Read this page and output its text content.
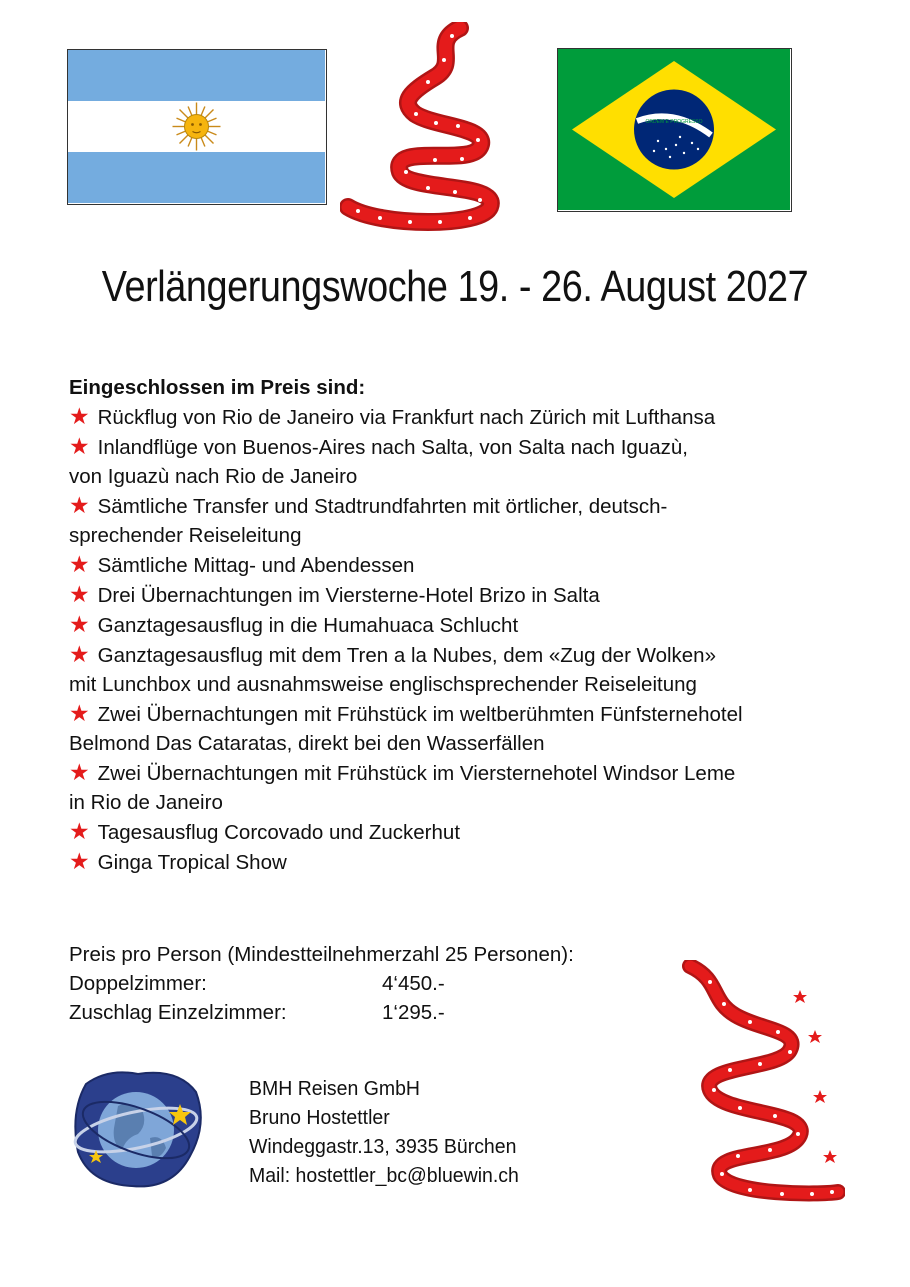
ORDEM E PROGRESSO
Verlängerungswoche 19. - 26. August 2027
Eingeschlossen im Preis sind:
★ Rückflug von Rio de Janeiro via Frankfurt nach Zürich mit Lufthansa
★ Inlandflüge von Buenos-Aires nach Salta, von Salta nach Iguazù,
von Iguazù nach Rio de Janeiro
★ Sämtliche Transfer und Stadtrundfahrten mit örtlicher, deutsch-
sprechender Reiseleitung
★ Sämtliche Mittag- und Abendessen
★ Drei Übernachtungen im Viersterne-Hotel Brizo in Salta
★ Ganztagesausflug in die Humahuaca Schlucht
★ Ganztagesausflug mit dem Tren a la Nubes, dem «Zug der Wolken»
mit Lunchbox und ausnahmsweise englischsprechender Reiseleitung
★ Zwei Übernachtungen mit Frühstück im weltberühmten Fünfsternehotel
Belmond Das Cataratas, direkt bei den Wasserfällen
★ Zwei Übernachtungen mit Frühstück im Viersternehotel Windsor Leme
in Rio de Janeiro
★ Tagesausflug Corcovado und Zuckerhut
★ Ginga Tropical Show
Preis pro Person (Mindestteilnehmerzahl 25 Personen):
Doppelzimmer:	4‘450.-
Zuschlag Einzelzimmer:	1‘295.-
BMH Reisen GmbH
Bruno Hostettler
Windeggastr.13, 3935 Bürchen
Mail: hostettler_bc@bluewin.ch
